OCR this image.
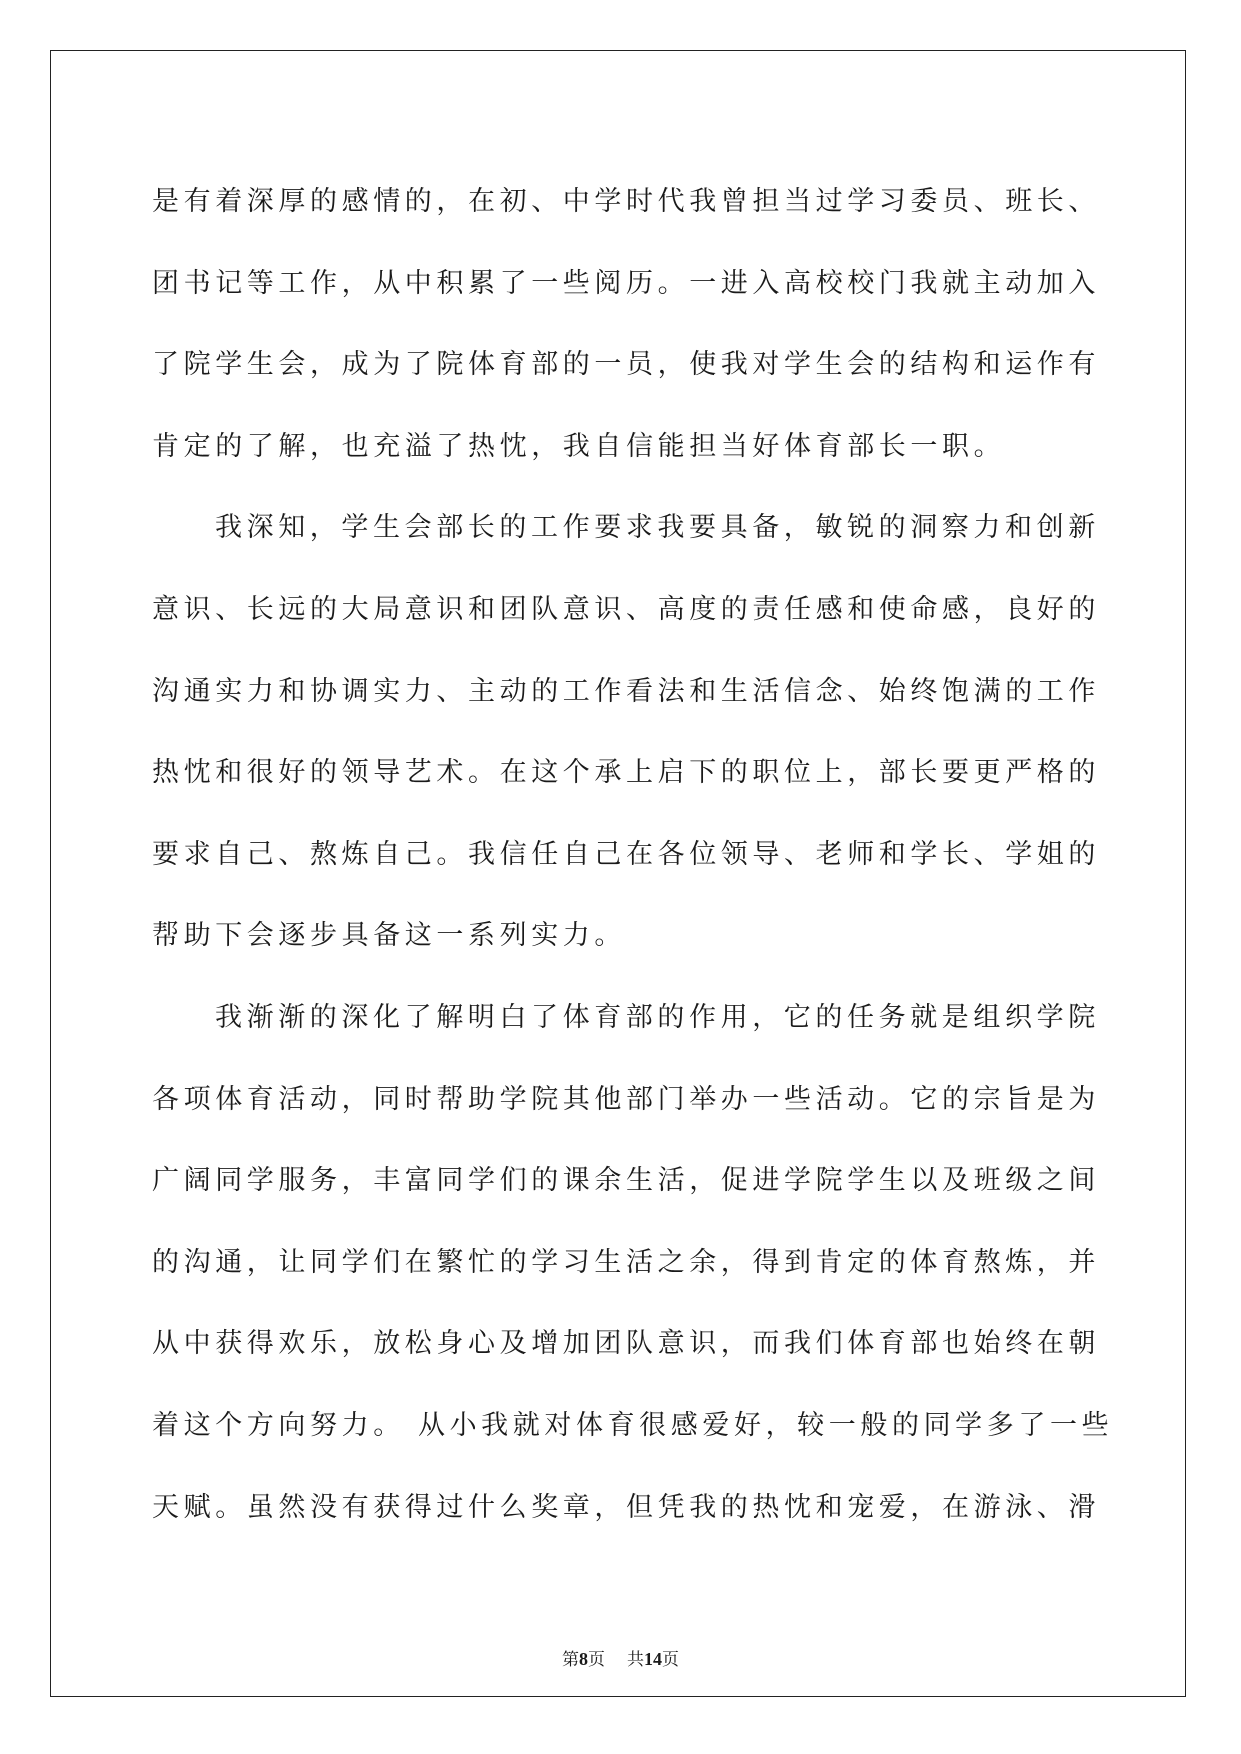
是有着深厚的感情的，在初、中学时代我曾担当过学习委员、班长、
团书记等工作，从中积累了一些阅历。一进入高校校门我就主动加入
了院学生会，成为了院体育部的一员，使我对学生会的结构和运作有
肯定的了解，也充溢了热忱，我自信能担当好体育部长一职。
我深知，学生会部长的工作要求我要具备，敏锐的洞察力和创新
意识、长远的大局意识和团队意识、高度的责任感和使命感，良好的
沟通实力和协调实力、主动的工作看法和生活信念、始终饱满的工作
热忱和很好的领导艺术。在这个承上启下的职位上，部长要更严格的
要求自己、熬炼自己。我信任自己在各位领导、老师和学长、学姐的
帮助下会逐步具备这一系列实力。
我渐渐的深化了解明白了体育部的作用，它的任务就是组织学院
各项体育活动，同时帮助学院其他部门举办一些活动。它的宗旨是为
广阔同学服务，丰富同学们的课余生活，促进学院学生以及班级之间
的沟通，让同学们在繁忙的学习生活之余，得到肯定的体育熬炼，并
从中获得欢乐，放松身心及增加团队意识，而我们体育部也始终在朝
着这个方向努力。 从小我就对体育很感爱好，较一般的同学多了一些
天赋。虽然没有获得过什么奖章，但凭我的热忱和宠爱，在游泳、滑
第8页 共14页
